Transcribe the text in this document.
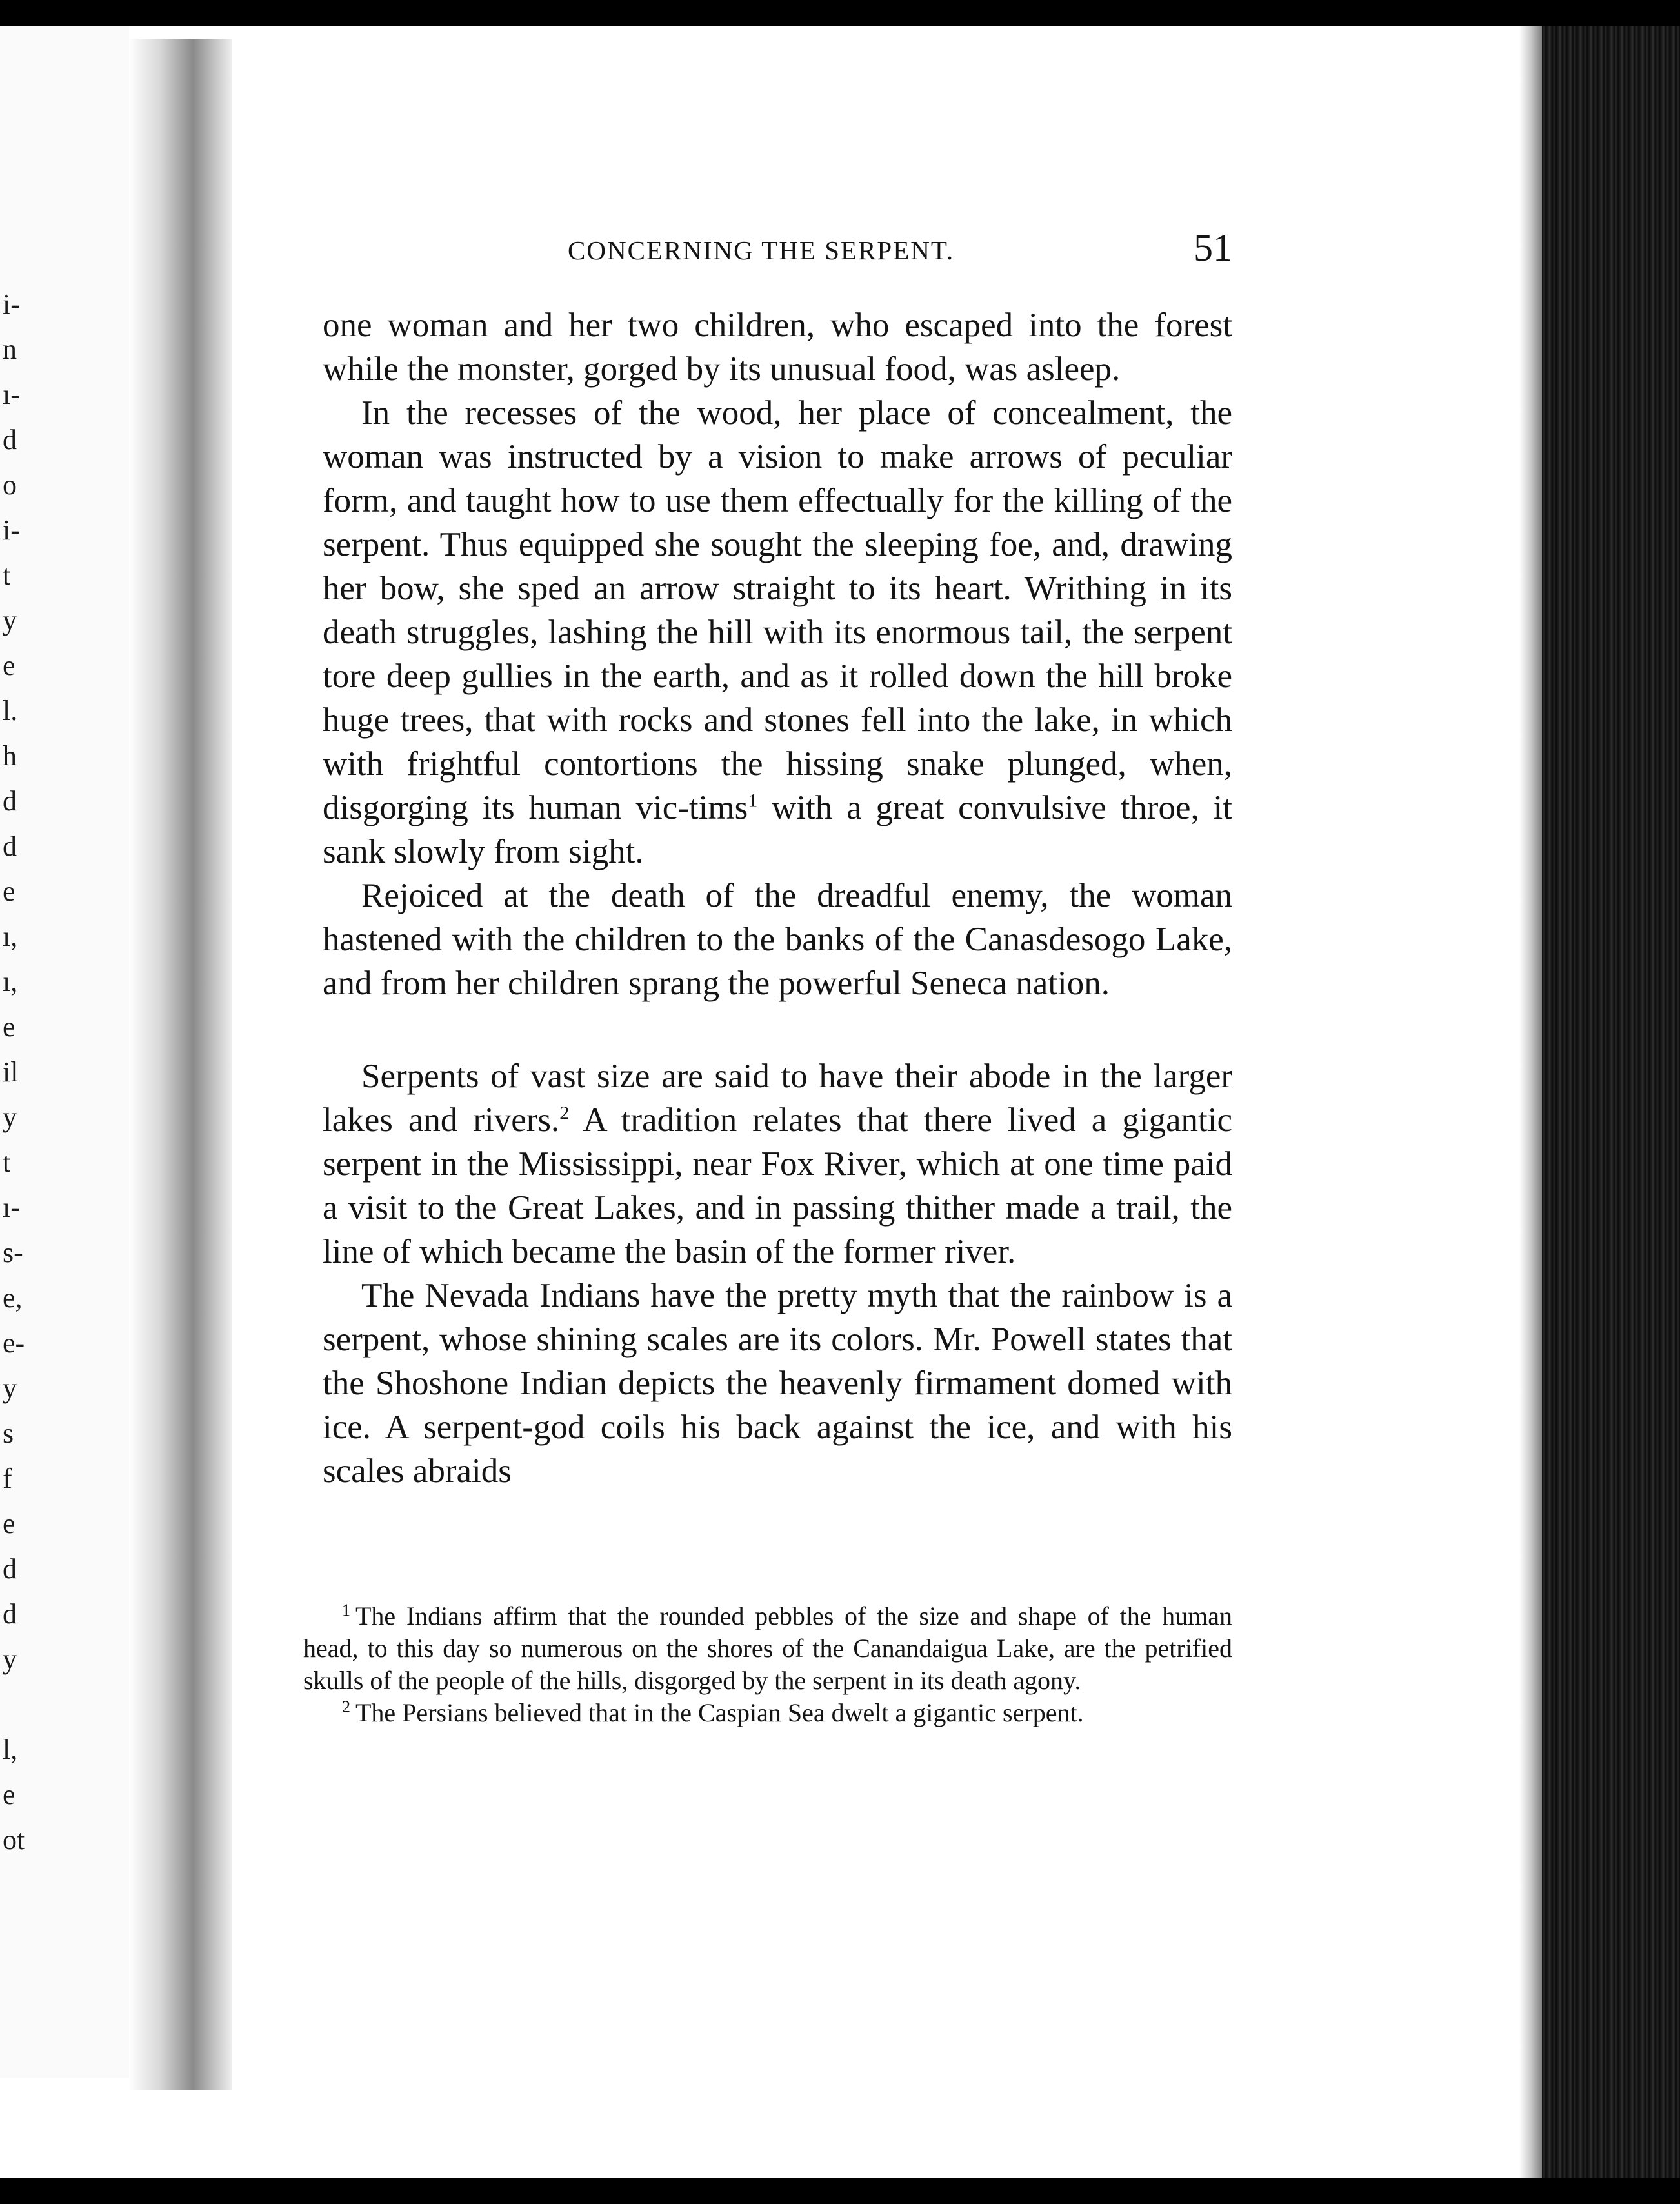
i-
n
ı-
d
o
i-
t
y
e
l.
h
d
d
e
ı,
ı,
e
il
y
t
ı-
s-
e,
e-
y
s
f
e
d
d
y
l,
e
ot
CONCERNING THE SERPENT.	51

one woman and her two children, who escaped into the forest while the monster, gorged by its unusual food, was asleep.

In the recesses of the wood, her place of concealment, the woman was instructed by a vision to make arrows of peculiar form, and taught how to use them effectually for the killing of the serpent. Thus equipped she sought the sleeping foe, and, drawing her bow, she sped an arrow straight to its heart. Writhing in its death struggles, lashing the hill with its enormous tail, the serpent tore deep gullies in the earth, and as it rolled down the hill broke huge trees, that with rocks and stones fell into the lake, in which with frightful contortions the hissing snake plunged, when, disgorging its human vic-tims$^1$ with a great convulsive throe, it sank slowly from sight.

Rejoiced at the death of the dreadful enemy, the woman hastened with the children to the banks of the Canasdesogo Lake, and from her children sprang the powerful Seneca nation.

Serpents of vast size are said to have their abode in the larger lakes and rivers.$^2$ A tradition relates that there lived a gigantic serpent in the Mississippi, near Fox River, which at one time paid a visit to the Great Lakes, and in passing thither made a trail, the line of which became the basin of the former river.

The Nevada Indians have the pretty myth that the rainbow is a serpent, whose shining scales are its colors. Mr. Powell states that the Shoshone Indian depicts the heavenly firmament domed with ice. A serpent-god coils his back against the ice, and with his scales abraids

$^1$ The Indians affirm that the rounded pebbles of the size and shape of the human head, to this day so numerous on the shores of the Canandaigua Lake, are the petrified skulls of the people of the hills, disgorged by the serpent in its death agony.

$^2$ The Persians believed that in the Caspian Sea dwelt a gigantic serpent.
